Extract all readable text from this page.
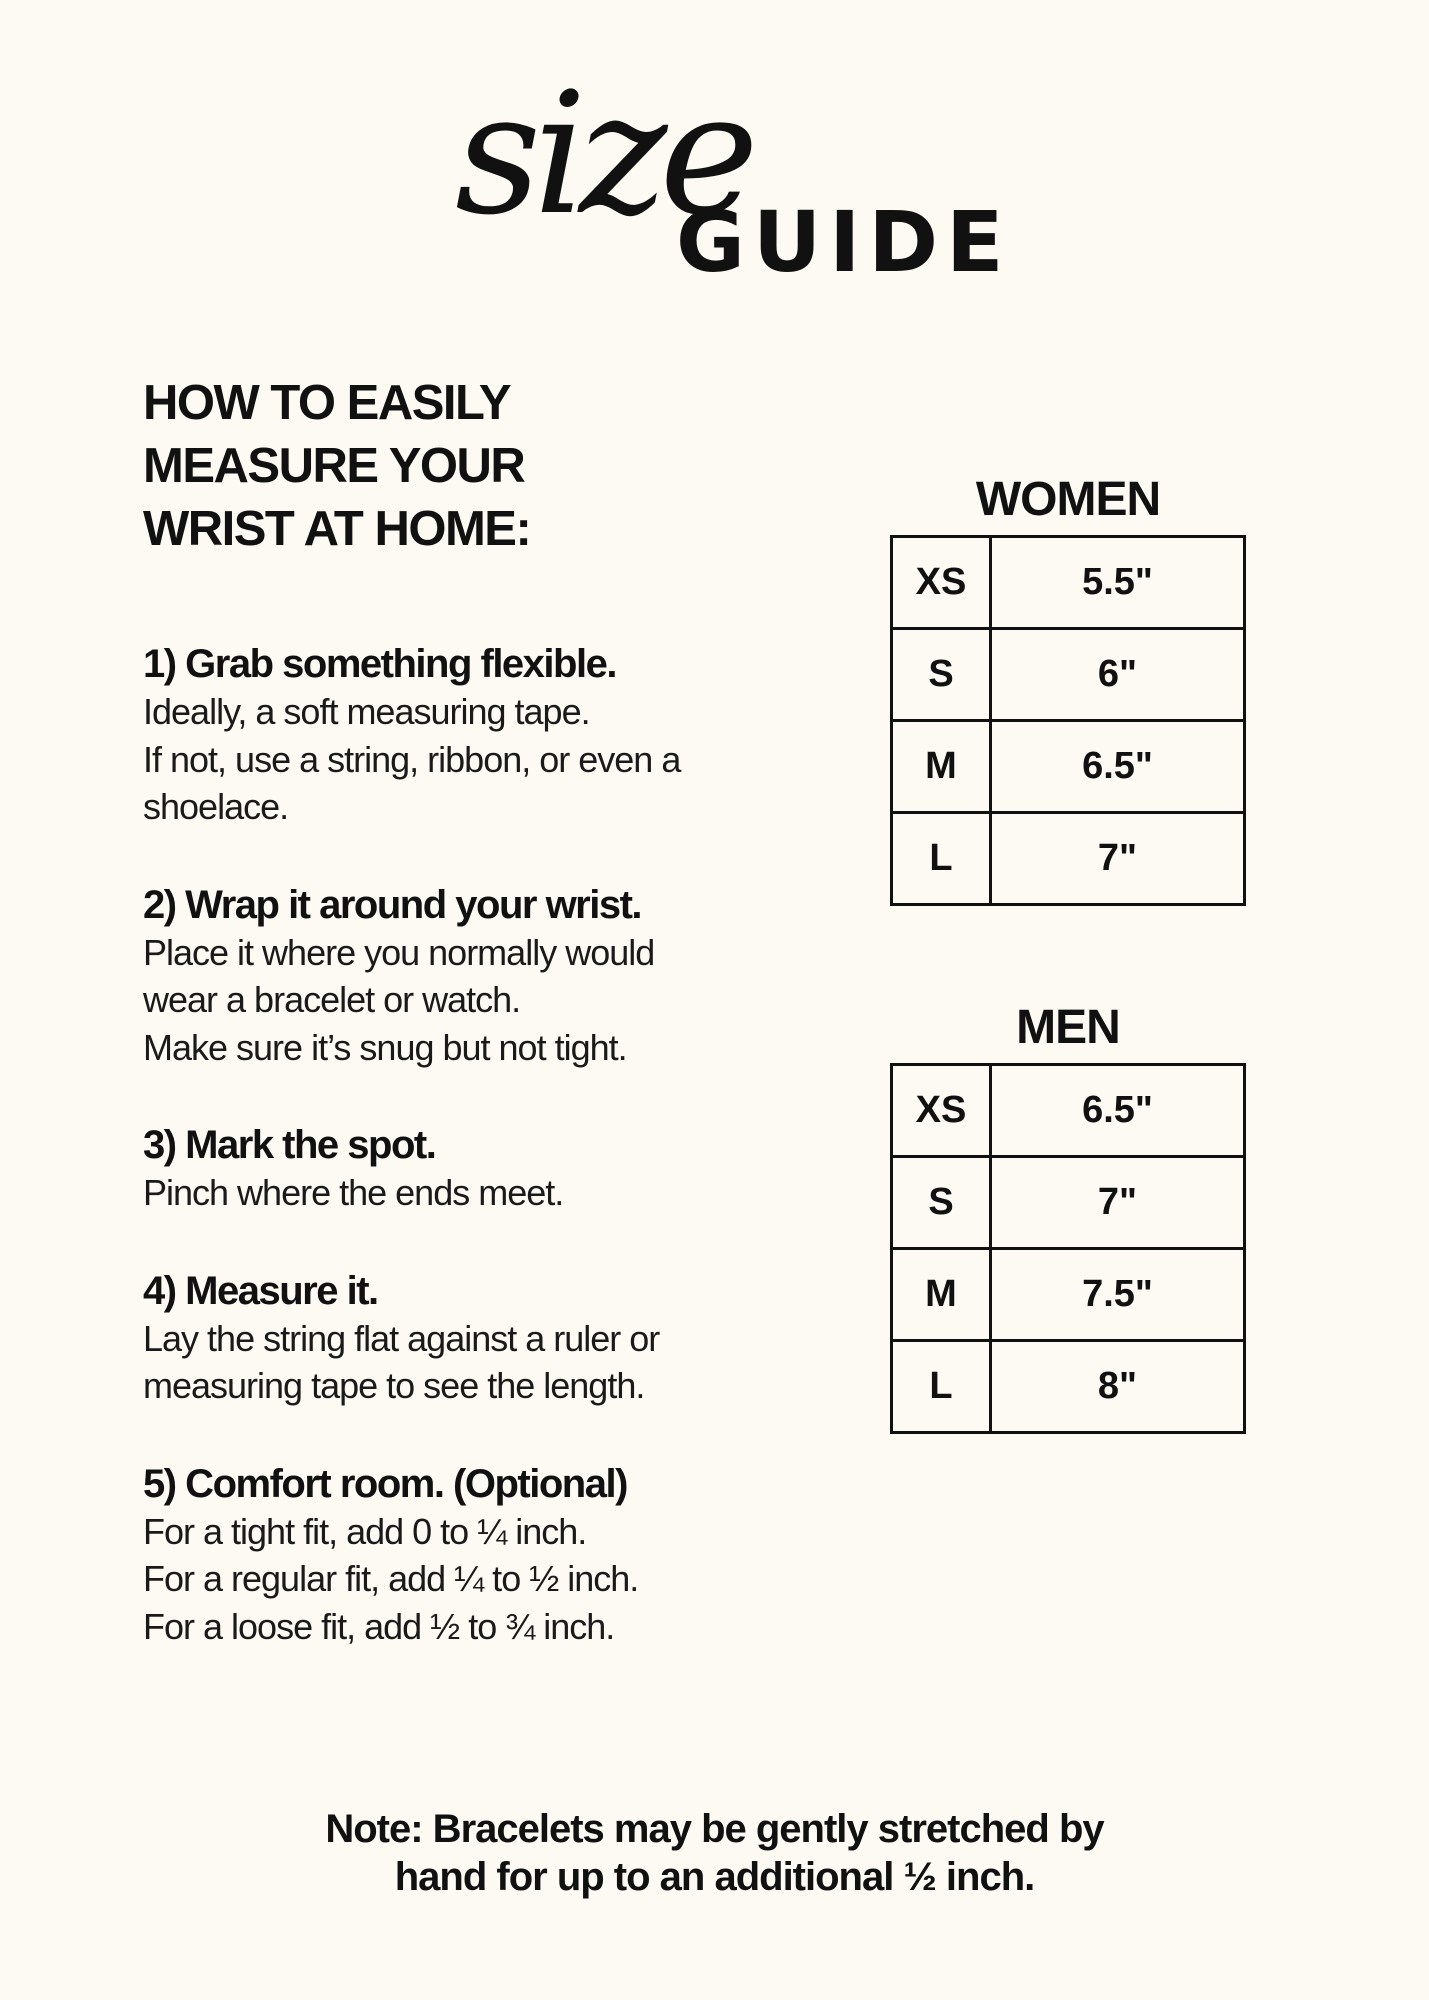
size
GUIDE
HOW TO EASILY
MEASURE YOUR
WRIST AT HOME:
1) Grab something flexible.
Ideally, a soft measuring tape.
If not, use a string, ribbon, or even a
shoelace.
2) Wrap it around your wrist.
Place it where you normally would
wear a bracelet or watch.
Make sure it’s snug but not tight.
3) Mark the spot.
Pinch where the ends meet.
4) Measure it.
Lay the string flat against a ruler or
measuring tape to see the length.
5) Comfort room. (Optional)
For a tight fit, add 0 to ¼ inch.
For a regular fit, add ¼ to ½ inch.
For a loose fit, add ½ to ¾ inch.
WOMEN
XS	5.5"
S	6"
M	6.5"
L	7"
MEN
XS	6.5"
S	7"
M	7.5"
L	8"
Note: Bracelets may be gently stretched by
hand for up to an additional ½ inch.
